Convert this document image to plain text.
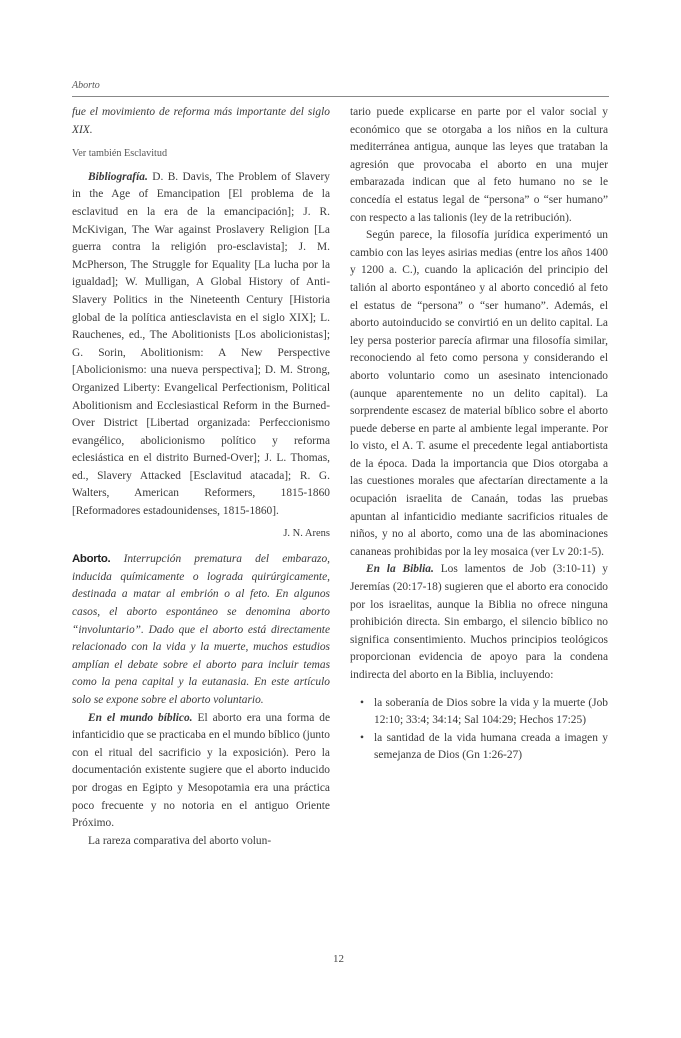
Aborto

fue el movimiento de reforma más importante del siglo XIX.

Ver también Esclavitud

Bibliografía. D. B. Davis, The Problem of Slavery in the Age of Emancipation [El problema de la esclavitud en la era de la emancipación]; J. R. McKivigan, The War against Proslavery Religion [La guerra contra la religión pro-esclavista]; J. M. McPherson, The Struggle for Equality [La lucha por la igualdad]; W. Mulligan, A Global History of Anti-Slavery Politics in the Nineteenth Century [Historia global de la política antiesclavista en el siglo XIX]; L. Rauchenes, ed., The Abolitionists [Los abolicionistas]; G. Sorin, Abolitionism: A New Perspective [Abolicionismo: una nueva perspectiva]; D. M. Strong, Organized Liberty: Evangelical Perfectionism, Political Abolitionism and Ecclesiastical Reform in the Burned-Over District [Libertad organizada: Perfeccionismo evangélico, abolicionismo político y reforma eclesiástica en el distrito Burned-Over]; J. L. Thomas, ed., Slavery Attacked [Esclavitud atacada]; R. G. Walters, American Reformers, 1815-1860 [Reformadores estadounidenses, 1815-1860].

J. N. Arens

Aborto. Interrupción prematura del embarazo, inducida químicamente o lograda quirúrgicamente, destinada a matar al embrión o al feto. En algunos casos, el aborto espontáneo se denomina aborto “involuntario”. Dado que el aborto está directamente relacionado con la vida y la muerte, muchos estudios amplían el debate sobre el aborto para incluir temas como la pena capital y la eutanasia. En este artículo solo se expone sobre el aborto voluntario.

En el mundo bíblico. El aborto era una forma de infanticidio que se practicaba en el mundo bíblico (junto con el ritual del sacrificio y la exposición). Pero la documentación existente sugiere que el aborto inducido por drogas en Egipto y Mesopotamia era una práctica poco frecuente y no notoria en el antiguo Oriente Próximo.

La rareza comparativa del aborto volun-

tario puede explicarse en parte por el valor social y económico que se otorgaba a los niños en la cultura mediterránea antigua, aunque las leyes que trataban la agresión que provocaba el aborto en una mujer embarazada indican que al feto humano no se le concedía el estatus legal de “persona” o “ser humano” con respecto a las talionis (ley de la retribución).

Según parece, la filosofía jurídica experimentó un cambio con las leyes asirias medias (entre los años 1400 y 1200 a. C.), cuando la aplicación del principio del talión al aborto espontáneo y al aborto concedió al feto el estatus de “persona” o “ser humano”. Además, el aborto autoinducido se convirtió en un delito capital. La ley persa posterior parecía afirmar una filosofía similar, reconociendo al feto como persona y considerando el aborto voluntario como un asesinato intencionado (aunque aparentemente no un delito capital). La sorprendente escasez de material bíblico sobre el aborto puede deberse en parte al ambiente legal imperante. Por lo visto, el A. T. asume el precedente legal antiabortista de la época. Dada la importancia que Dios otorgaba a las cuestiones morales que afectarían directamente a la ocupación israelita de Canaán, todas las pruebas apuntan al infanticidio mediante sacrificios rituales de niños, y no al aborto, como una de las abominaciones cananeas prohibidas por la ley mosaica (ver Lv 20:1-5).

En la Biblia. Los lamentos de Job (3:10-11) y Jeremías (20:17-18) sugieren que el aborto era conocido por los israelitas, aunque la Biblia no ofrece ninguna prohibición directa. Sin embargo, el silencio bíblico no significa consentimiento. Muchos principios teológicos proporcionan evidencia de apoyo para la condena indirecta del aborto en la Biblia, incluyendo:

• la soberanía de Dios sobre la vida y la muerte (Job 12:10; 33:4; 34:14; Sal 104:29; Hechos 17:25)
• la santidad de la vida humana creada a imagen y semejanza de Dios (Gn 1:26-27)
12
